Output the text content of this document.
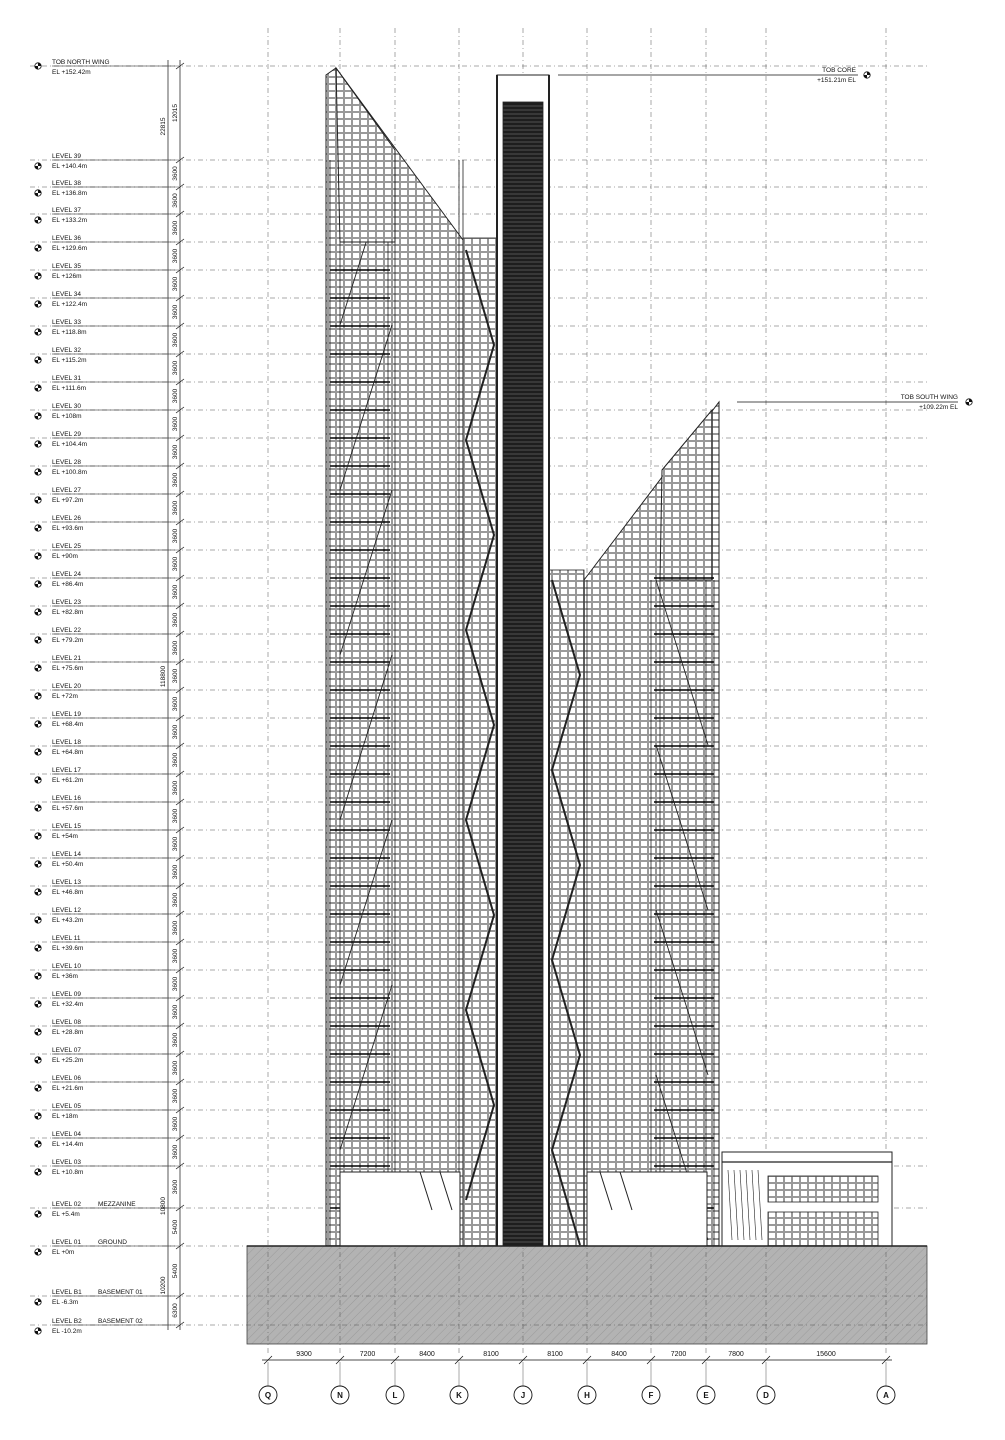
TOB NORTH WING
EL +152.42m
LEVEL 39
EL +140.4m
LEVEL 38
EL +136.8m
LEVEL 37
EL +133.2m
LEVEL 36
EL +129.6m
LEVEL 35
EL +126m
LEVEL 34
EL +122.4m
LEVEL 33
EL +118.8m
LEVEL 32
EL +115.2m
LEVEL 31
EL +111.6m
LEVEL 30
EL +108m
LEVEL 29
EL +104.4m
LEVEL 28
EL +100.8m
LEVEL 27
EL +97.2m
LEVEL 26
EL +93.6m
LEVEL 25
EL +90m
LEVEL 24
EL +86.4m
LEVEL 23
EL +82.8m
LEVEL 22
EL +79.2m
LEVEL 21
EL +75.6m
LEVEL 20
EL +72m
LEVEL 19
EL +68.4m
LEVEL 18
EL +64.8m
LEVEL 17
EL +61.2m
LEVEL 16
EL +57.6m
LEVEL 15
EL +54m
LEVEL 14
EL +50.4m
LEVEL 13
EL +46.8m
LEVEL 12
EL +43.2m
LEVEL 11
EL +39.6m
LEVEL 10
EL +36m
LEVEL 09
EL +32.4m
LEVEL 08
EL +28.8m
LEVEL 07
EL +25.2m
LEVEL 06
EL +21.6m
LEVEL 05
EL +18m
LEVEL 04
EL +14.4m
LEVEL 03
EL +10.8m
LEVEL 02
EL +5.4m
MEZZANINE
LEVEL 01
EL +0m
GROUND
LEVEL B1
EL -6.3m
BASEMENT 01
LEVEL B2
EL -10.2m
BASEMENT 02
12015
3600
3600
3600
3600
3600
3600
3600
3600
3600
3600
3600
3600
3600
3600
3600
3600
3600
3600
3600
3600
3600
3600
3600
3600
3600
3600
3600
3600
3600
3600
3600
3600
3600
3600
3600
3600
3600
5400
5400
6300
22815
118800
10800
10200
9300	7200	8400	8100	8100	8400	7200	7800	15600
Q	N	L	K	J	H	F	E	D	A
TOB CORE
+151.21m EL
TOB SOUTH WING
+109.22m EL
